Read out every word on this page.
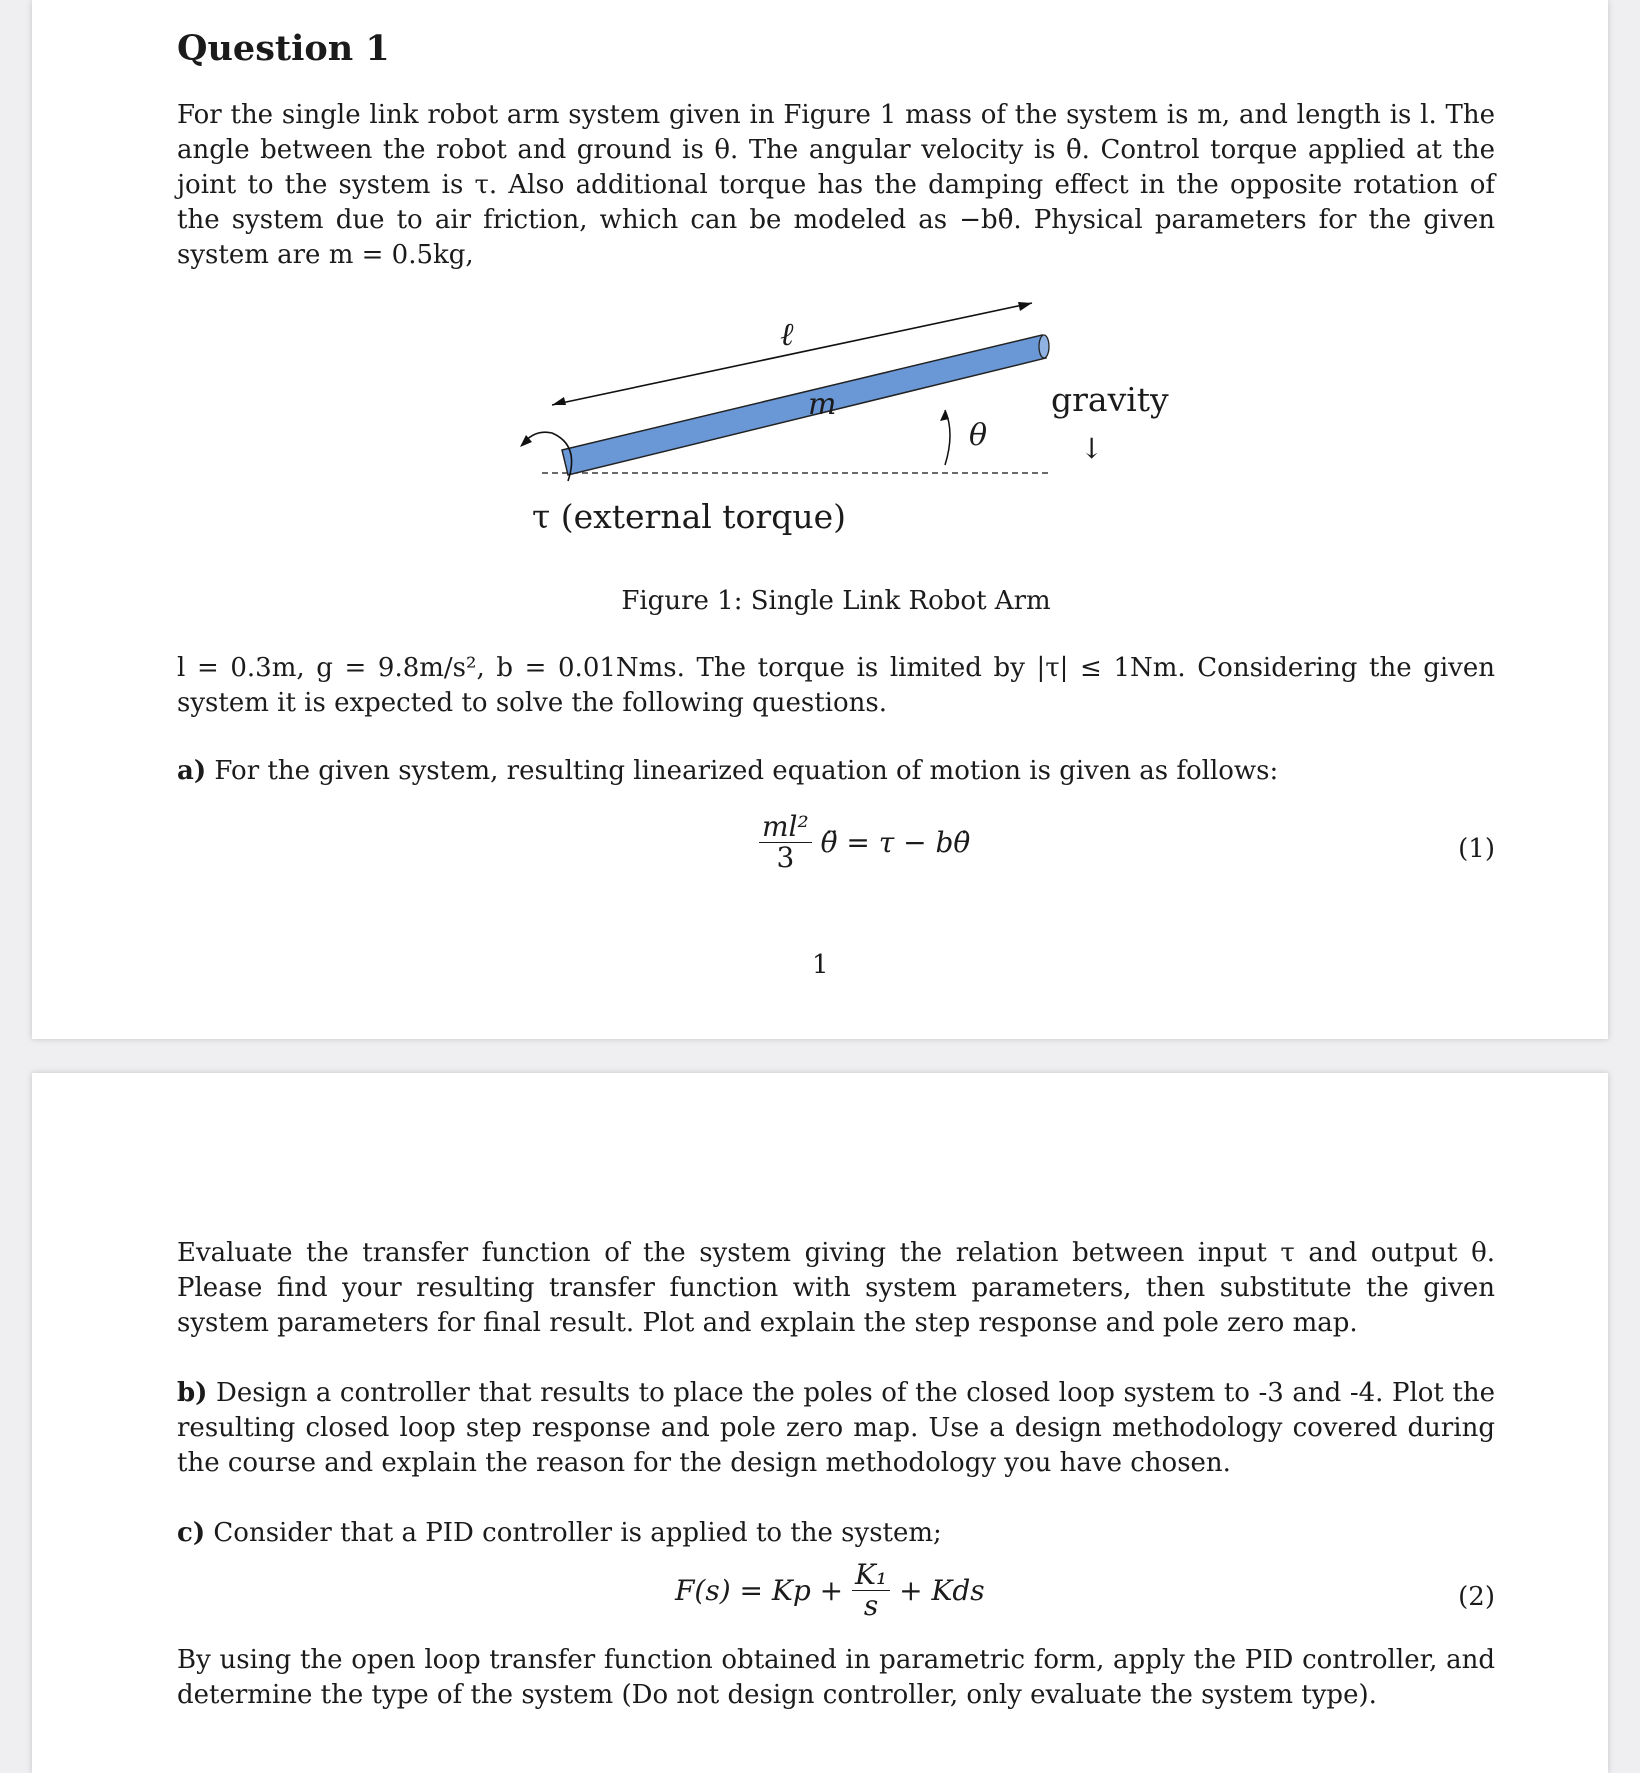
Question 1
For the single link robot arm system given in Figure 1 mass of the system is m, and length is l. The angle between the robot and ground is θ. The angular velocity is θ̇. Control torque applied at the joint to the system is τ. Also additional torque has the damping effect in the opposite rotation of the system due to air friction, which can be modeled as −bθ̇. Physical parameters for the given system are m = 0.5kg,
ℓ
m
θ
gravity
↓
τ (external torque)
Figure 1: Single Link Robot Arm
l = 0.3m, g = 9.8m/s², b = 0.01Nms. The torque is limited by |τ| ≤ 1Nm. Considering the given system it is expected to solve the following questions.
a) For the given system, resulting linearized equation of motion is given as follows:
$\frac{\text{ml²}}{3}$ θ̈ = τ − bθ̇	(1)
1
Evaluate the transfer function of the system giving the relation between input τ and output θ. Please find your resulting transfer function with system parameters, then substitute the given system parameters for final result. Plot and explain the step response and pole zero map.
b) Design a controller that results to place the poles of the closed loop system to -3 and -4. Plot the resulting closed loop step response and pole zero map. Use a design methodology covered during the course and explain the reason for the design methodology you have chosen.
c) Consider that a PID controller is applied to the system;
$F(s) = Kp + \frac{\text{K₁}}{s}$ + Kds	(2)
By using the open loop transfer function obtained in parametric form, apply the PID controller, and determine the type of the system (Do not design controller, only evaluate the system type).
